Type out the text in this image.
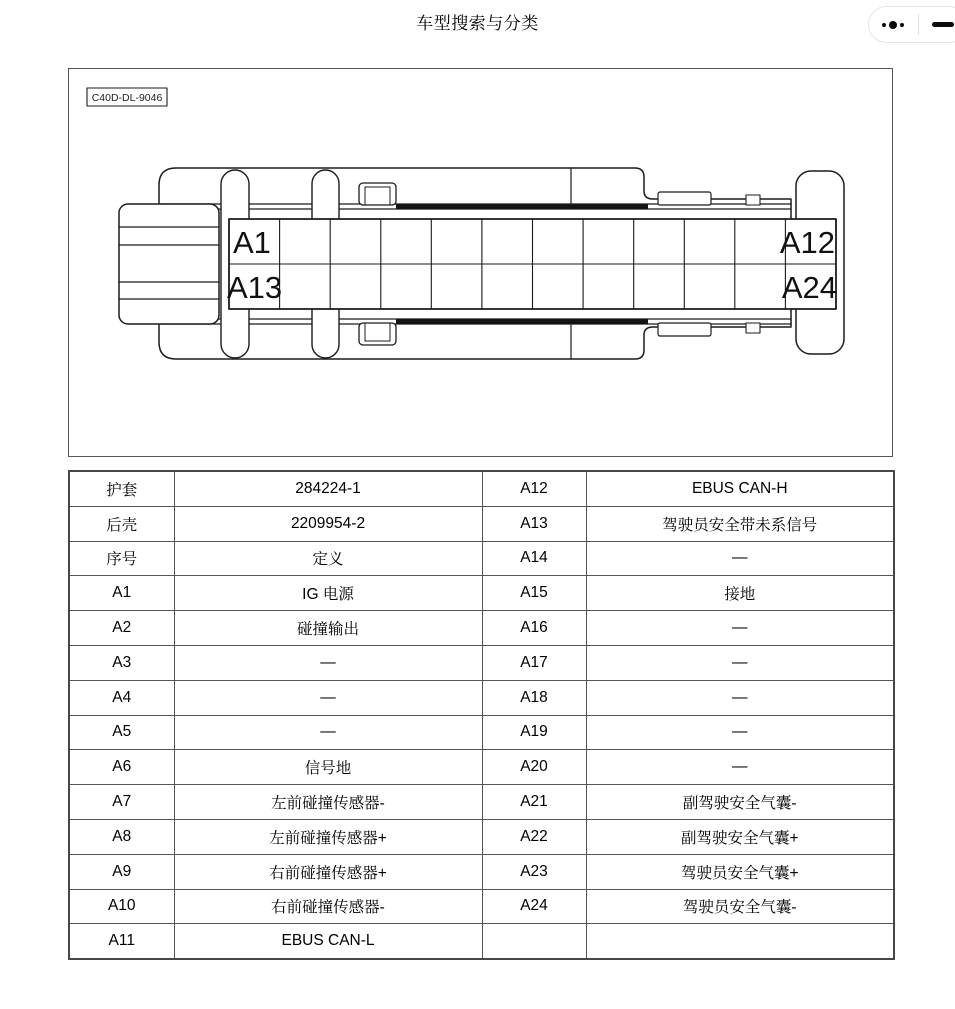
车型搜索与分类
A1	A12
A13	A24
C40D-DL-9046
护套	284224-1	A12	EBUS CAN-H
后壳	2209954-2	A13	驾驶员安全带未系信号
序号	定义	A14	—
A1	IG 电源	A15	接地
A2	碰撞输出	A16	—
A3	—	A17	—
A4	—	A18	—
A5	—	A19	—
A6	信号地	A20	—
A7	左前碰撞传感器-	A21	副驾驶安全气囊-
A8	左前碰撞传感器+	A22	副驾驶安全气囊+
A9	右前碰撞传感器+	A23	驾驶员安全气囊+
A10	右前碰撞传感器-	A24	驾驶员安全气囊-
A11	EBUS CAN-L		
